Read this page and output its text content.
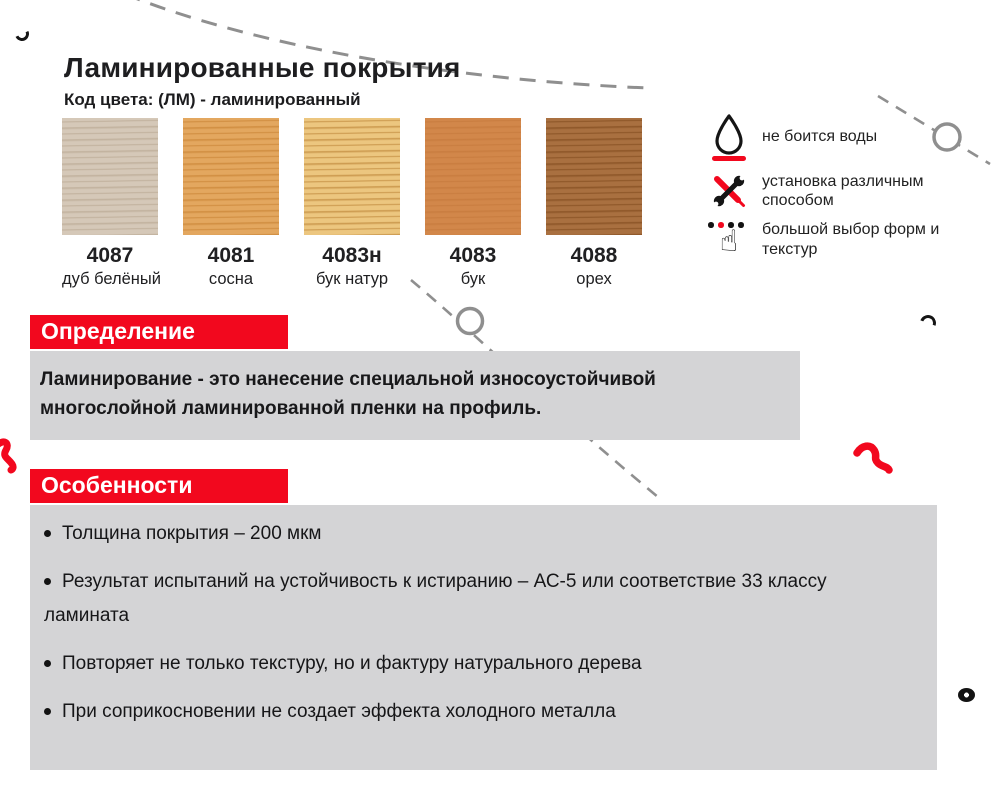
Ламинированные покрытия

Код цвета: (ЛМ) - ламинированный

4087
дуб белёный
4081
сосна
4083н
бук натур
4083
бук
4088
орех
не боится воды
установка различным способом
☝ большой выбор форм и текстур
Определение
Ламинирование - это нанесение специальной износоустойчивой многослойной ламинированной пленки на профиль.
Особенности
Толщина покрытия – 200 мкм
Результат испытаний на устойчивость к истиранию – АС-5 или соответствие 33 классу ламината
Повторяет не только текстуру, но и фактуру натурального дерева
При соприкосновении не создает эффекта холодного металла
